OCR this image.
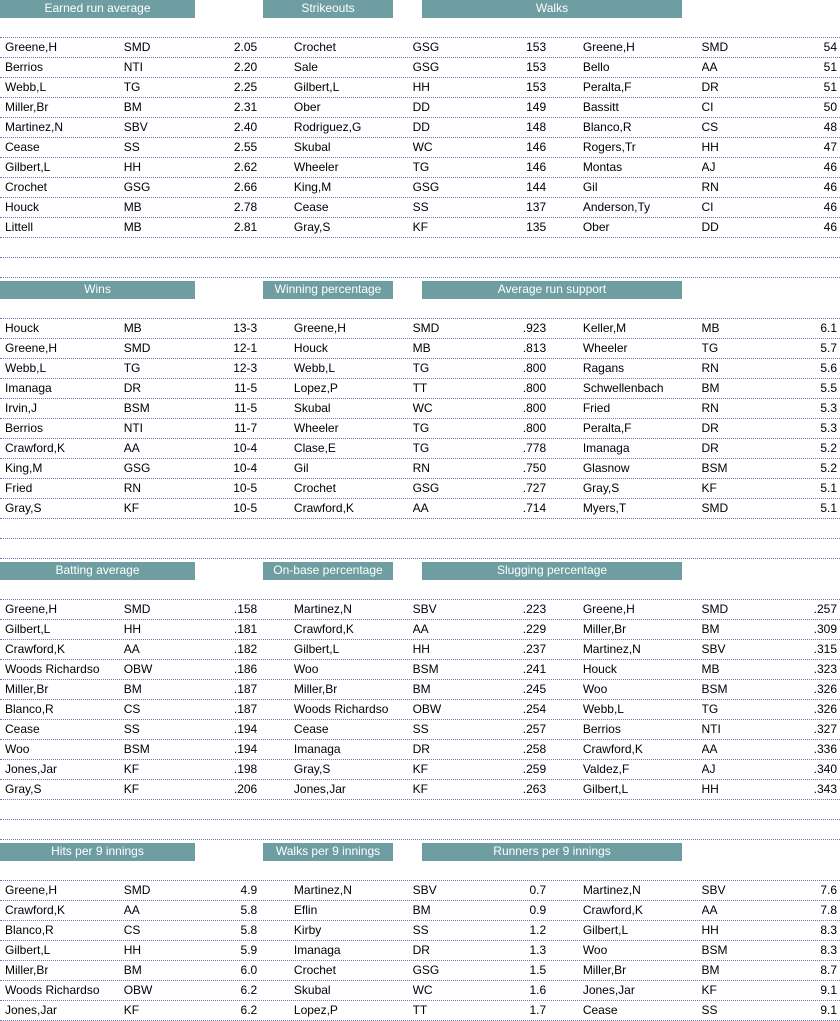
Earned run average	Strikeouts	Walks
Greene,H	SMD	2.05	Crochet	GSG	153	Greene,H	SMD	54
Berrios	NTI	2.20	Sale	GSG	153	Bello	AA	51
Webb,L	TG	2.25	Gilbert,L	HH	153	Peralta,F	DR	51
Miller,Br	BM	2.31	Ober	DD	149	Bassitt	CI	50
Martinez,N	SBV	2.40	Rodriguez,G	DD	148	Blanco,R	CS	48
Cease	SS	2.55	Skubal	WC	146	Rogers,Tr	HH	47
Gilbert,L	HH	2.62	Wheeler	TG	146	Montas	AJ	46
Crochet	GSG	2.66	King,M	GSG	144	Gil	RN	46
Houck	MB	2.78	Cease	SS	137	Anderson,Ty	CI	46
Littell	MB	2.81	Gray,S	KF	135	Ober	DD	46
Wins	Winning percentage	Average run support
Houck	MB	13-3	Greene,H	SMD	.923	Keller,M	MB	6.1
Greene,H	SMD	12-1	Houck	MB	.813	Wheeler	TG	5.7
Webb,L	TG	12-3	Webb,L	TG	.800	Ragans	RN	5.6
Imanaga	DR	11-5	Lopez,P	TT	.800	Schwellenbach	BM	5.5
Irvin,J	BSM	11-5	Skubal	WC	.800	Fried	RN	5.3
Berrios	NTI	11-7	Wheeler	TG	.800	Peralta,F	DR	5.3
Crawford,K	AA	10-4	Clase,E	TG	.778	Imanaga	DR	5.2
King,M	GSG	10-4	Gil	RN	.750	Glasnow	BSM	5.2
Fried	RN	10-5	Crochet	GSG	.727	Gray,S	KF	5.1
Gray,S	KF	10-5	Crawford,K	AA	.714	Myers,T	SMD	5.1
Batting average	On-base percentage	Slugging percentage
Greene,H	SMD	.158	Martinez,N	SBV	.223	Greene,H	SMD	.257
Gilbert,L	HH	.181	Crawford,K	AA	.229	Miller,Br	BM	.309
Crawford,K	AA	.182	Gilbert,L	HH	.237	Martinez,N	SBV	.315
Woods Richardso	OBW	.186	Woo	BSM	.241	Houck	MB	.323
Miller,Br	BM	.187	Miller,Br	BM	.245	Woo	BSM	.326
Blanco,R	CS	.187	Woods Richardso	OBW	.254	Webb,L	TG	.326
Cease	SS	.194	Cease	SS	.257	Berrios	NTI	.327
Woo	BSM	.194	Imanaga	DR	.258	Crawford,K	AA	.336
Jones,Jar	KF	.198	Gray,S	KF	.259	Valdez,F	AJ	.340
Gray,S	KF	.206	Jones,Jar	KF	.263	Gilbert,L	HH	.343
Hits per 9 innings	Walks per 9 innings	Runners per 9 innings
Greene,H	SMD	4.9	Martinez,N	SBV	0.7	Martinez,N	SBV	7.6
Crawford,K	AA	5.8	Eflin	BM	0.9	Crawford,K	AA	7.8
Blanco,R	CS	5.8	Kirby	SS	1.2	Gilbert,L	HH	8.3
Gilbert,L	HH	5.9	Imanaga	DR	1.3	Woo	BSM	8.3
Miller,Br	BM	6.0	Crochet	GSG	1.5	Miller,Br	BM	8.7
Woods Richardso	OBW	6.2	Skubal	WC	1.6	Jones,Jar	KF	9.1
Jones,Jar	KF	6.2	Lopez,P	TT	1.7	Cease	SS	9.1
